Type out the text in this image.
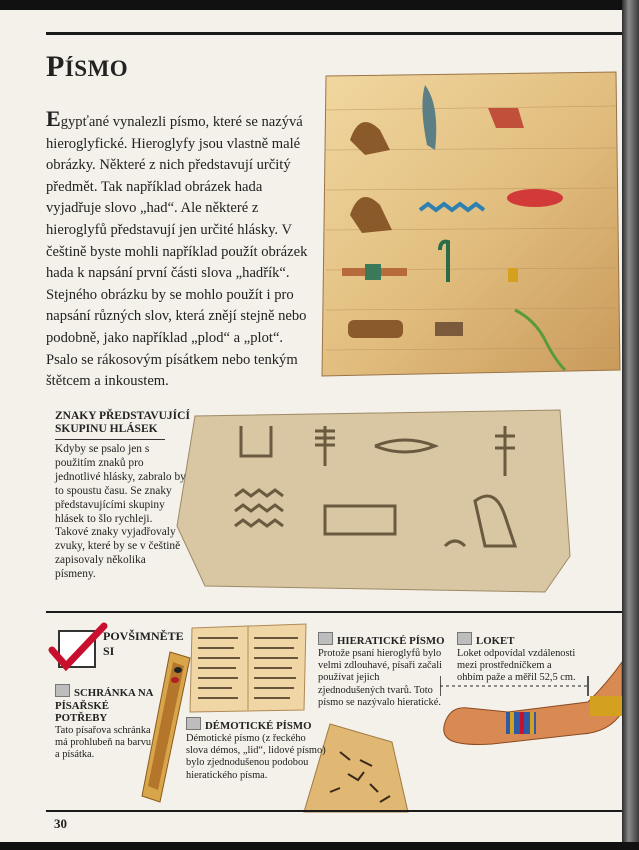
PÍSMO
Egypťané vynalezli písmo, které se nazývá hieroglyfické. Hieroglyfy jsou vlastně malé obrázky. Některé z nich představují určitý předmět. Tak například obrázek hada vyjadřuje slovo „had“. Ale některé z hieroglyfů představují jen určité hlásky. V češtině byste mohli například použít obrázek hada k napsání první části slova „hadřík“. Stejného obrázku by se mohlo použít i pro napsání různých slov, která znějí stejně nebo podobně, jako například „plod“ a „plot“. Psalo se rákosovým písátkem nebo tenkým štětcem a inkoustem.
ZNAKY PŘEDSTAVUJÍCÍ SKUPINU HLÁSEK
Kdyby se psalo jen s použitím znaků pro jednotlivé hlásky, zabralo by to spoustu času. Se znaky představujícími skupiny hlásek to šlo rychleji. Takové znaky vyjadřovaly zvuky, které by se v češtině zapisovaly několika písmeny.
POVŠIMNĚTE
SI
SCHRÁNKA NA PÍSAŘSKÉ POTŘEBY
Tato písařova schránka má prohlubeň na barvu a písátka.
DÉMOTICKÉ PÍSMO
Démotické písmo (z řeckého slova démos, „lid“, lidové písmo) bylo zjednodušenou podobou hieratického písma.
HIERATICKÉ PÍSMO
Protože psaní hieroglyfů bylo velmi zdlouhavé, písaři začali používat jejich zjednodušených tvarů. Toto písmo se nazývalo hieratické.
LOKET
Loket odpovídal vzdálenosti mezi prostředníčkem a ohbím paže a měřil 52,5 cm.
30
